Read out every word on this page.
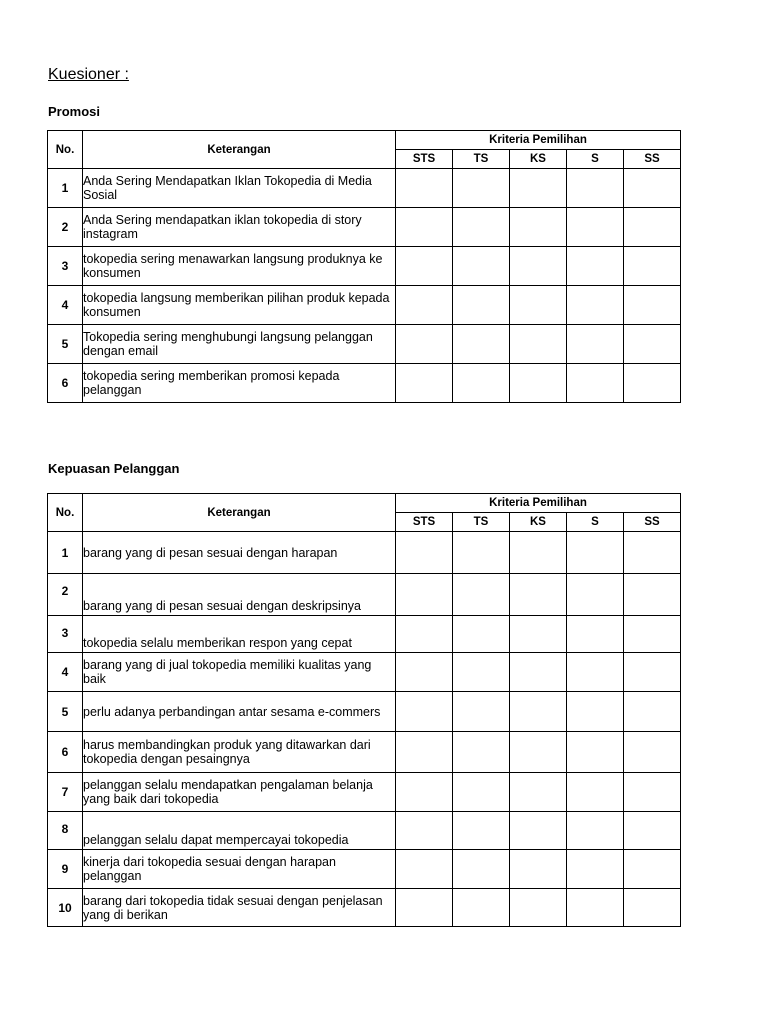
Kuesioner :
Promosi
No.	Keterangan	Kriteria Pemilihan				
		STS	TS	KS	S	SS
1	Anda Sering Mendapatkan Iklan Tokopedia di Media Sosial					
2	Anda Sering mendapatkan iklan tokopedia di story instagram					
3	tokopedia sering menawarkan langsung produknya ke konsumen					
4	tokopedia langsung memberikan pilihan produk kepada konsumen					
5	Tokopedia sering menghubungi langsung pelanggan dengan email					
6	tokopedia sering memberikan promosi kepada pelanggan					
Kepuasan Pelanggan
No.	Keterangan	Kriteria Pemilihan				
		STS	TS	KS	S	SS
1	barang yang di pesan sesuai dengan harapan					
2	barang yang di pesan sesuai dengan deskripsinya					
3	tokopedia selalu memberikan respon yang cepat					
4	barang yang di jual tokopedia memiliki kualitas yang baik					
5	perlu adanya perbandingan antar sesama e-commers					
6	harus membandingkan produk yang ditawarkan dari tokopedia dengan pesaingnya					
7	pelanggan selalu mendapatkan pengalaman belanja yang baik dari tokopedia					
8	pelanggan selalu dapat mempercayai tokopedia					
9	kinerja dari tokopedia sesuai dengan harapan pelanggan					
10	barang dari tokopedia tidak sesuai dengan penjelasan yang di berikan					
